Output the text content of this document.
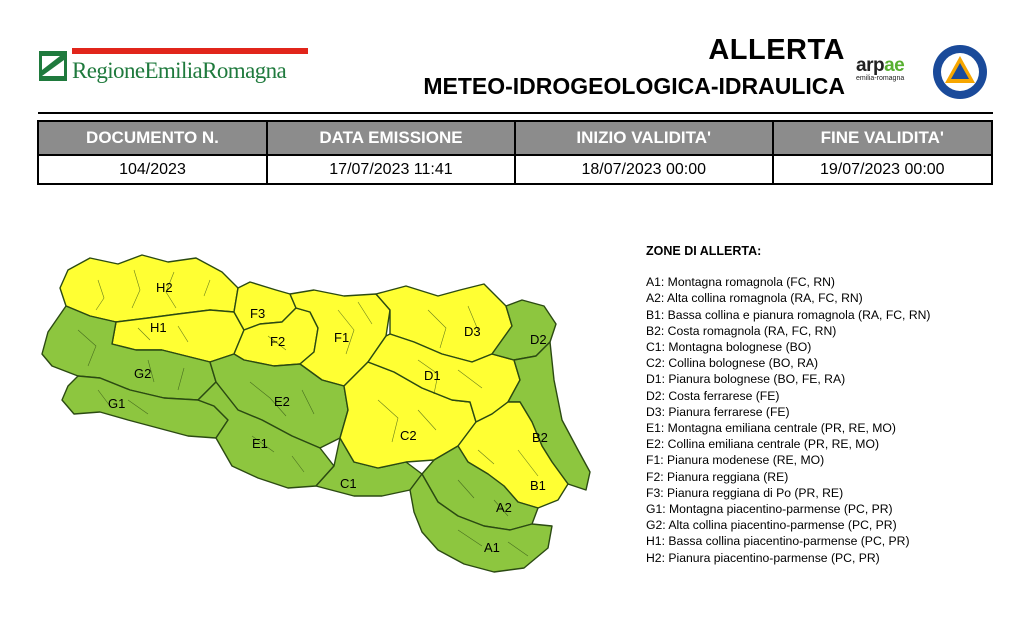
RegioneEmiliaRomagna
ALLERTA
METEO-IDROGEOLOGICA-IDRAULICA
arpae
emilia-romagna
DOCUMENTO N.	DATA EMISSIONE	INIZIO VALIDITA'	FINE VALIDITA'
104/2023	17/07/2023 11:41	18/07/2023 00:00	19/07/2023 00:00
A1
A2
B1
B2
C1
C2
D1
D2
D3
E1
E2
F1
F2
F3
G1
G2
H1
H2
ZONE DI ALLERTA:
A1: Montagna romagnola (FC, RN)
A2: Alta collina romagnola (RA, FC, RN)
B1: Bassa collina e pianura romagnola (RA, FC, RN)
B2: Costa romagnola (RA, FC, RN)
C1: Montagna bolognese (BO)
C2: Collina bolognese (BO, RA)
D1: Pianura bolognese (BO, FE, RA)
D2: Costa ferrarese (FE)
D3: Pianura ferrarese (FE)
E1: Montagna emiliana centrale (PR, RE, MO)
E2: Collina emiliana centrale (PR, RE, MO)
F1: Pianura modenese (RE, MO)
F2: Pianura reggiana (RE)
F3: Pianura reggiana di Po (PR, RE)
G1: Montagna piacentino-parmense (PC, PR)
G2: Alta collina piacentino-parmense (PC, PR)
H1: Bassa collina piacentino-parmense (PC, PR)
H2: Pianura piacentino-parmense (PC, PR)
